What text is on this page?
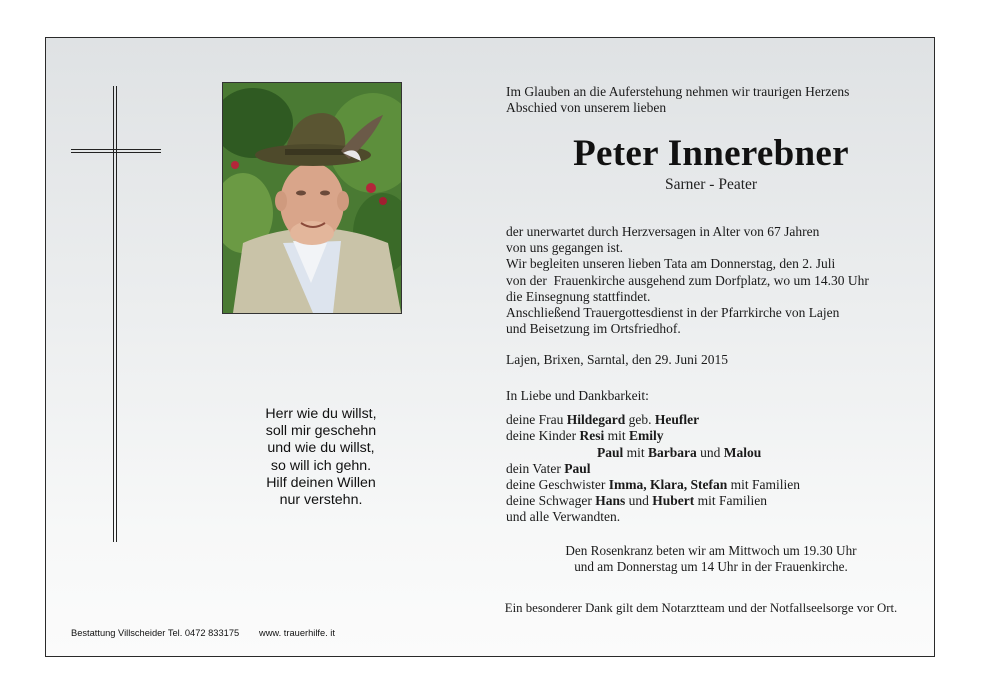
Herr wie du willst,
soll mir geschehn
und wie du willst,
so will ich gehn.
Hilf deinen Willen
nur verstehn.
Im Glauben an die Auferstehung nehmen wir traurigen Herzens
Abschied von unserem lieben
Peter Innerebner
Sarner - Peater
der unerwartet durch Herzversagen in Alter von 67 Jahren
von uns gegangen ist.
Wir begleiten unseren lieben Tata am Donnerstag, den 2. Juli
von der  Frauenkirche ausgehend zum Dorfplatz, wo um 14.30 Uhr
die Einsegnung stattfindet.
Anschließend Trauergottesdienst in der Pfarrkirche von Lajen
und Beisetzung im Ortsfriedhof.
Lajen, Brixen, Sarntal, den 29. Juni 2015
In Liebe und Dankbarkeit:
deine Frau Hildegard geb. Heufler
deine Kinder Resi mit Emily
Paul mit Barbara und Malou
dein Vater Paul
deine Geschwister Imma, Klara, Stefan mit Familien
deine Schwager Hans und Hubert mit Familien
und alle Verwandten.
Den Rosenkranz beten wir am Mittwoch um 19.30 Uhr
und am Donnerstag um 14 Uhr in der Frauenkirche.
Ein besonderer Dank gilt dem Notarztteam und der Notfallseelsorge vor Ort.
Bestattung Villscheider Tel. 0472 833175 www. trauerhilfe. it
